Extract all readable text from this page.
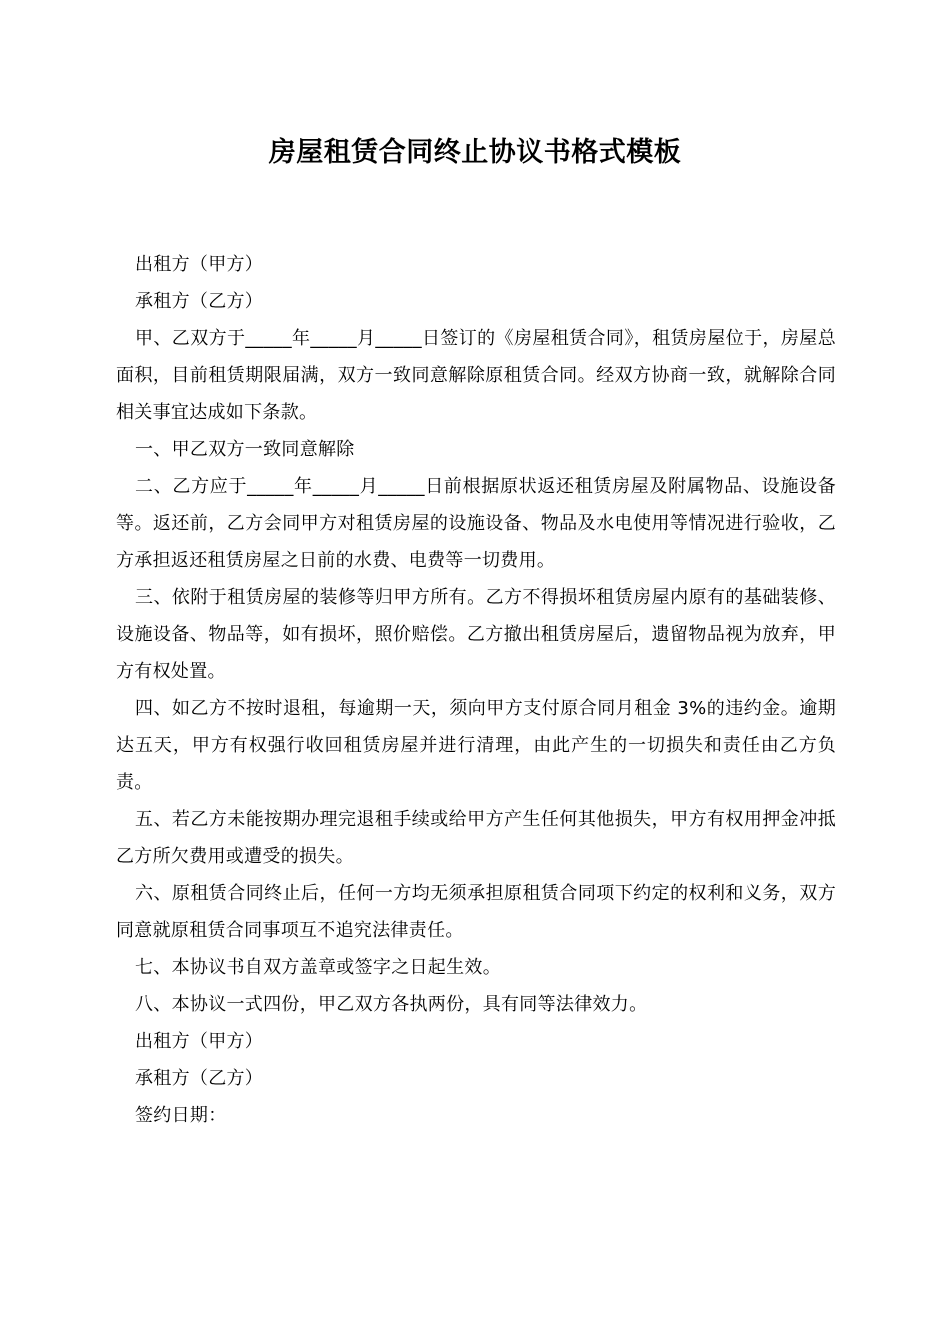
房屋租赁合同终止协议书格式模板

出租方（甲方）

承租方（乙方）

甲、乙双方于_____年_____月_____日签订的《房屋租赁合同》，租赁房屋位于，房屋总面积，目前租赁期限届满，双方一致同意解除原租赁合同。经双方协商一致，就解除合同相关事宜达成如下条款。

一、甲乙双方一致同意解除

二、乙方应于_____年_____月_____日前根据原状返还租赁房屋及附属物品、设施设备等。返还前，乙方会同甲方对租赁房屋的设施设备、物品及水电使用等情况进行验收，乙方承担返还租赁房屋之日前的水费、电费等一切费用。

三、依附于租赁房屋的装修等归甲方所有。乙方不得损坏租赁房屋内原有的基础装修、设施设备、物品等，如有损坏，照价赔偿。乙方撤出租赁房屋后，遗留物品视为放弃，甲方有权处置。

四、如乙方不按时退租，每逾期一天，须向甲方支付原合同月租金 3%的违约金。逾期达五天，甲方有权强行收回租赁房屋并进行清理，由此产生的一切损失和责任由乙方负责。

五、若乙方未能按期办理完退租手续或给甲方产生任何其他损失，甲方有权用押金冲抵乙方所欠费用或遭受的损失。

六、原租赁合同终止后，任何一方均无须承担原租赁合同项下约定的权利和义务，双方同意就原租赁合同事项互不追究法律责任。

七、本协议书自双方盖章或签字之日起生效。

八、本协议一式四份，甲乙双方各执两份，具有同等法律效力。

出租方（甲方）

承租方（乙方）

签约日期：
